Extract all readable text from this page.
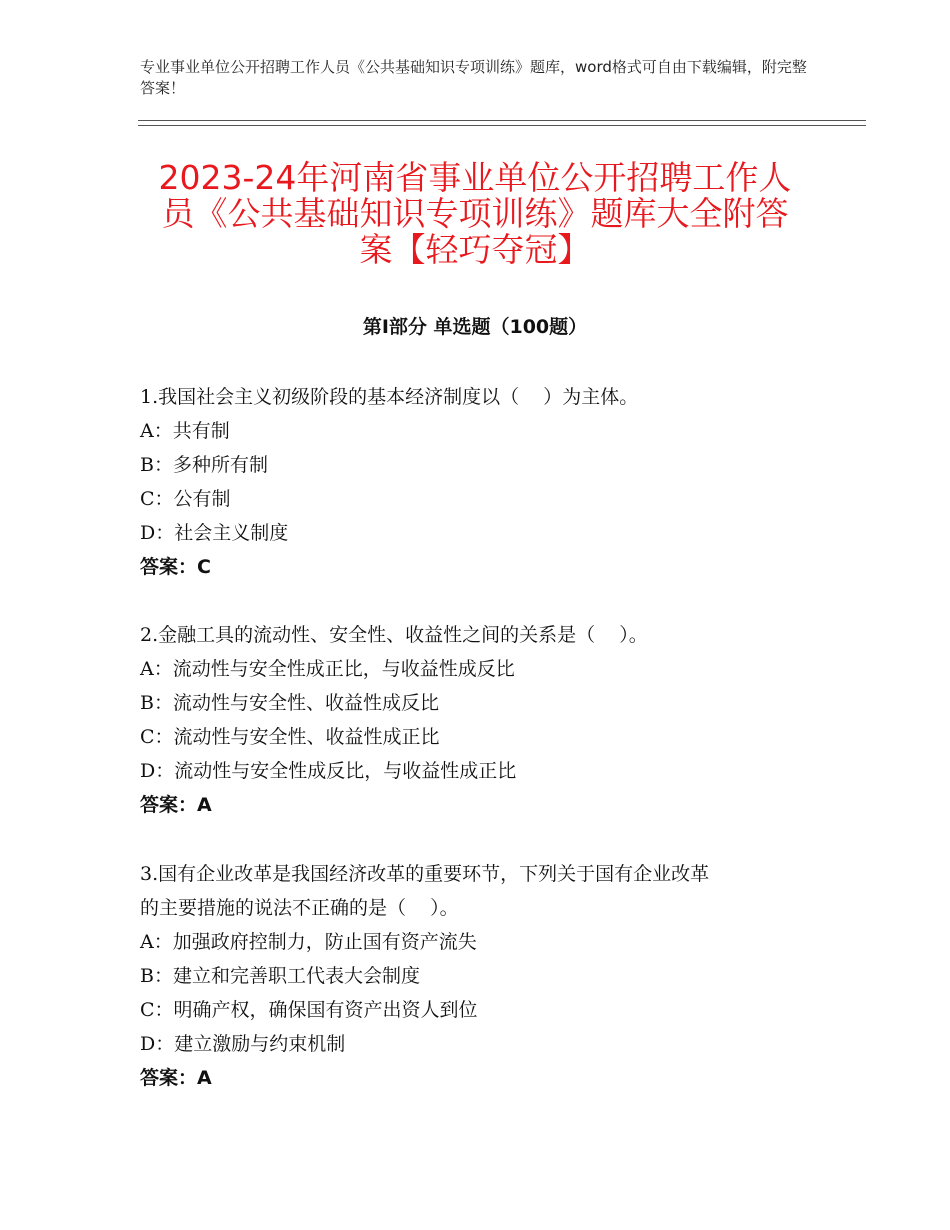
专业事业单位公开招聘工作人员《公共基础知识专项训练》题库，word格式可自由下载编辑，附完整答案！
2023-24年河南省事业单位公开招聘工作人
员《公共基础知识专项训练》题库大全附答
案【轻巧夺冠】
第Ⅰ部分 单选题（100题）
1.我国社会主义初级阶段的基本经济制度以（    ）为主体。
A：共有制
B：多种所有制
C：公有制
D：社会主义制度
答案：C
2.金融工具的流动性、安全性、收益性之间的关系是（    ）。
A：流动性与安全性成正比，与收益性成反比
B：流动性与安全性、收益性成反比
C：流动性与安全性、收益性成正比
D：流动性与安全性成反比，与收益性成正比
答案：A
3.国有企业改革是我国经济改革的重要环节，下列关于国有企业改革
的主要措施的说法不正确的是（    ）。
A：加强政府控制力，防止国有资产流失
B：建立和完善职工代表大会制度
C：明确产权，确保国有资产出资人到位
D：建立激励与约束机制
答案：A
